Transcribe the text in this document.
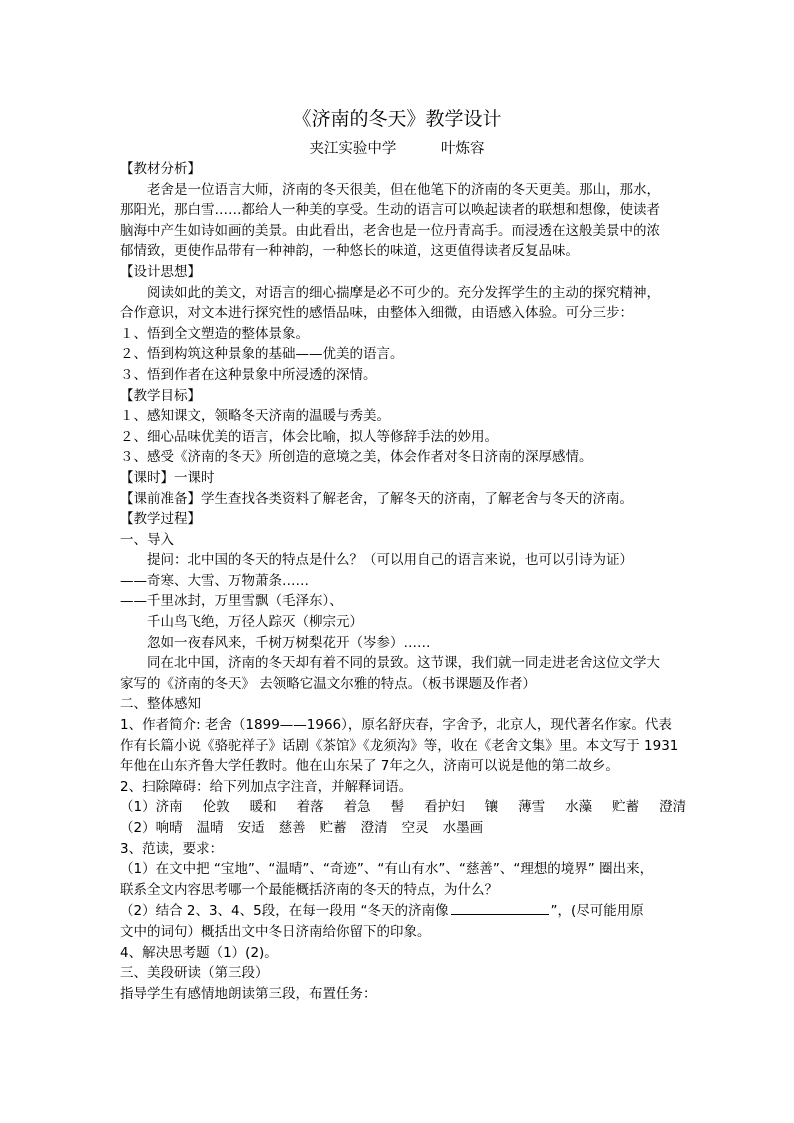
《济南的冬天》教学设计
夹江实验中学	叶炼容
【教材分析】
老舍是一位语言大师，济南的冬天很美，但在他笔下的济南的冬天更美。那山，那水，
那阳光，那白雪……都给人一种美的享受。生动的语言可以唤起读者的联想和想像，使读者
脑海中产生如诗如画的美景。由此看出，老舍也是一位丹青高手。而浸透在这般美景中的浓
郁情致，更使作品带有一种神韵，一种悠长的味道，这更值得读者反复品味。
【设计思想】
阅读如此的美文，对语言的细心揣摩是必不可少的。充分发挥学生的主动的探究精神，
合作意识，对文本进行探究性的感悟品味，由整体入细微，由语感入体验。可分三步：
１、悟到全文塑造的整体景象。
２、悟到构筑这种景象的基础——优美的语言。
３、悟到作者在这种景象中所浸透的深情。
【教学目标】
１、感知课文，领略冬天济南的温暖与秀美。
２、细心品味优美的语言，体会比喻，拟人等修辞手法的妙用。
３、感受《济南的冬天》所创造的意境之美，体会作者对冬日济南的深厚感情。
【课时】一课时
【课前准备】学生查找各类资料了解老舍，了解冬天的济南，了解老舍与冬天的济南。
【教学过程】
一、导入
提问：北中国的冬天的特点是什么？（可以用自己的语言来说，也可以引诗为证）
——奇寒、大雪、万物萧条……
——千里冰封，万里雪飘（毛泽东）、
千山鸟飞绝，万径人踪灭（柳宗元）
忽如一夜春风来，千树万树梨花开（岑参）……
同在北中国，济南的冬天却有着不同的景致。这节课，我们就一同走进老舍这位文学大
家写的《济南的冬天》 去领略它温文尔雅的特点。（板书课题及作者）
二、整体感知
1、作者简介: 老舍（1899——1966），原名舒庆春，字舍予，北京人，现代著名作家。代表
作有长篇小说《骆驼祥子》话剧《茶馆》《龙须沟》等，收在《老舍文集》里。本文写于 1931
年他在山东齐鲁大学任教时。他在山东呆了 7年之久，济南可以说是他的第二故乡。
2、扫除障碍：给下列加点字注音，并解释词语。
（1）济南 伦敦 暖和 着落 着急 髻 看护妇 镶 薄雪 水藻 贮蓄 澄清
（2）响晴 温晴 安适 慈善 贮蓄 澄清 空灵 水墨画
3、范读，要求：
（1）在文中把 “宝地”、“温晴”、“奇迹”、“有山有水”、“慈善”、“理想的境界” 圈出来，
联系全文内容思考哪一个最能概括济南的冬天的特点，为什么？
（2）结合 2、3、4、5段，在每一段用 “冬天的济南像	”，(尽可能用原
文中的词句）概括出文中冬日济南给你留下的印象。
4、解决思考题（1）(2)。
三、美段研读（第三段）
指导学生有感情地朗读第三段，布置任务：
